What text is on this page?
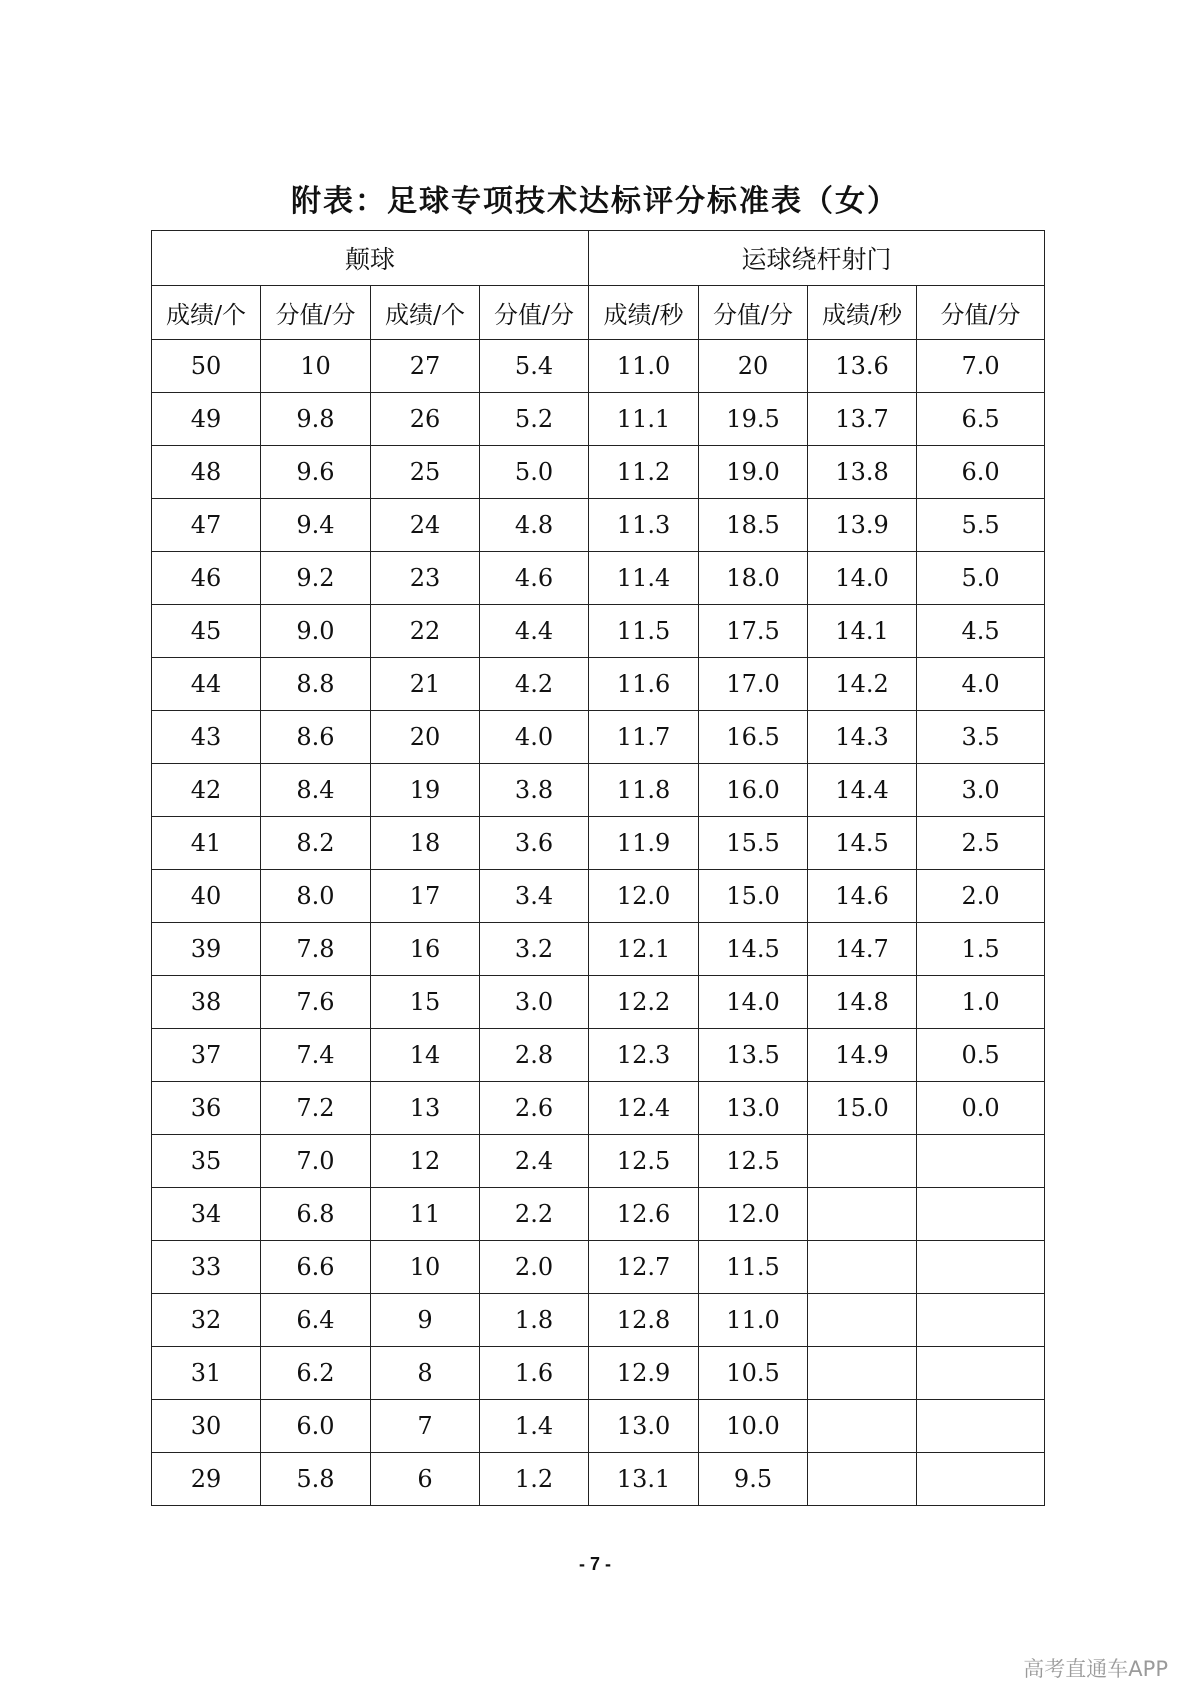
附表：足球专项技术达标评分标准表（女）
颠球				运球绕杆射门			
成绩/个	分值/分	成绩/个	分值/分	成绩/秒	分值/分	成绩/秒	分值/分
50	10	27	5.4	11.0	20	13.6	7.0
49	9.8	26	5.2	11.1	19.5	13.7	6.5
48	9.6	25	5.0	11.2	19.0	13.8	6.0
47	9.4	24	4.8	11.3	18.5	13.9	5.5
46	9.2	23	4.6	11.4	18.0	14.0	5.0
45	9.0	22	4.4	11.5	17.5	14.1	4.5
44	8.8	21	4.2	11.6	17.0	14.2	4.0
43	8.6	20	4.0	11.7	16.5	14.3	3.5
42	8.4	19	3.8	11.8	16.0	14.4	3.0
41	8.2	18	3.6	11.9	15.5	14.5	2.5
40	8.0	17	3.4	12.0	15.0	14.6	2.0
39	7.8	16	3.2	12.1	14.5	14.7	1.5
38	7.6	15	3.0	12.2	14.0	14.8	1.0
37	7.4	14	2.8	12.3	13.5	14.9	0.5
36	7.2	13	2.6	12.4	13.0	15.0	0.0
35	7.0	12	2.4	12.5	12.5		
34	6.8	11	2.2	12.6	12.0		
33	6.6	10	2.0	12.7	11.5		
32	6.4	9	1.8	12.8	11.0		
31	6.2	8	1.6	12.9	10.5		
30	6.0	7	1.4	13.0	10.0		
29	5.8	6	1.2	13.1	9.5		
- 7 -
高考直通车APP
